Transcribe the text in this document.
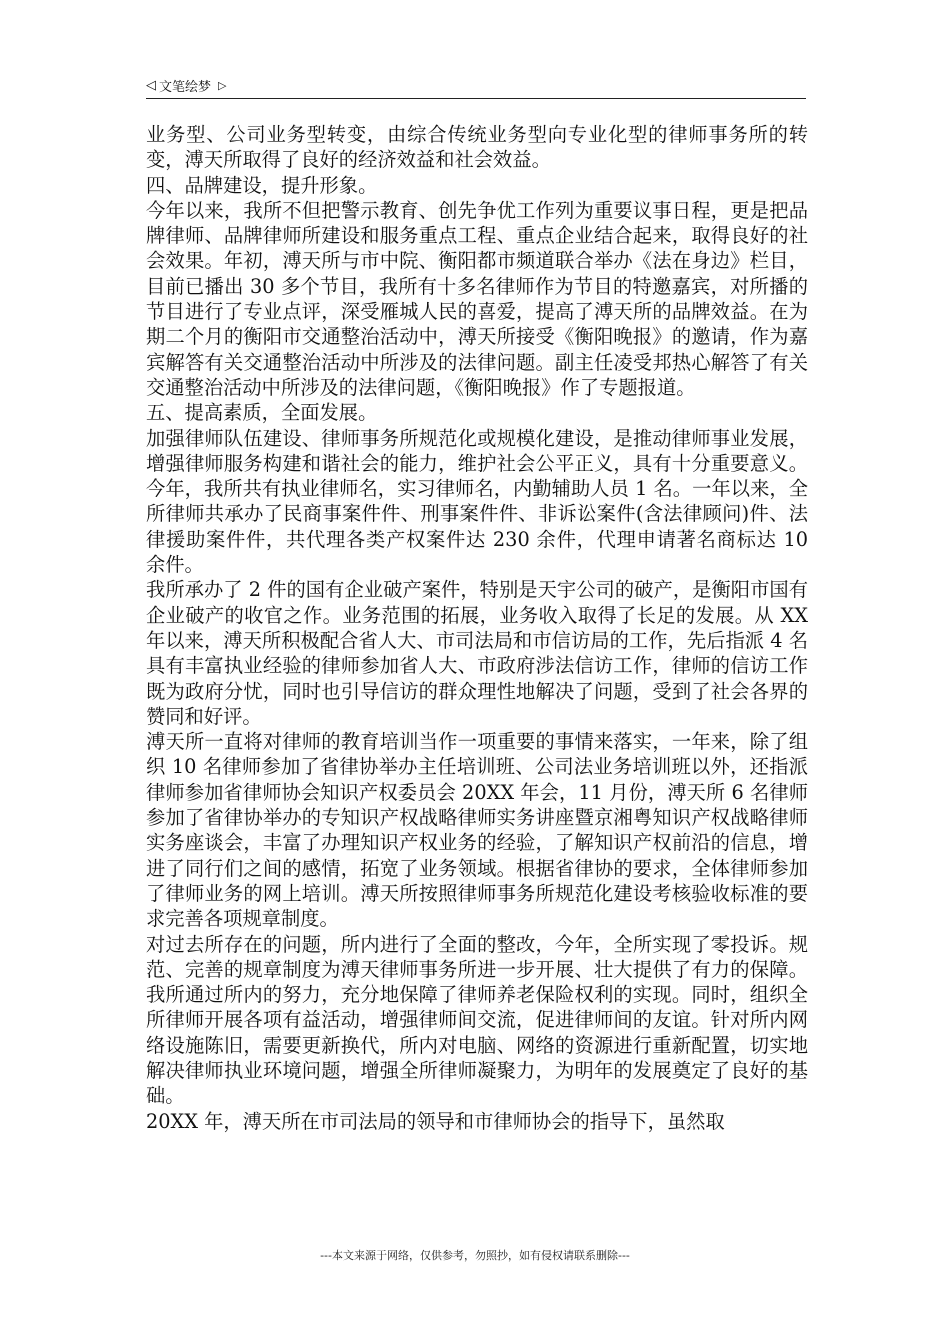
◁ 文笔绘梦 ▷

业务型、公司业务型转变，由综合传统业务型向专业化型的律师事务所的转变，溥天所取得了良好的经济效益和社会效益。

四、品牌建设，提升形象。

今年以来，我所不但把警示教育、创先争优工作列为重要议事日程，更是把品牌律师、品牌律师所建设和服务重点工程、重点企业结合起来，取得良好的社会效果。年初，溥天所与市中院、衡阳都市频道联合举办《法在身边》栏目，目前已播出 30 多个节目，我所有十多名律师作为节目的特邀嘉宾，对所播的节目进行了专业点评，深受雁城人民的喜爱，提高了溥天所的品牌效益。在为期二个月的衡阳市交通整治活动中，溥天所接受《衡阳晚报》的邀请，作为嘉宾解答有关交通整治活动中所涉及的法律问题。副主任凌受邦热心解答了有关交通整治活动中所涉及的法律问题，《衡阳晚报》作了专题报道。

五、提高素质，全面发展。

加强律师队伍建设、律师事务所规范化或规模化建设，是推动律师事业发展，增强律师服务构建和谐社会的能力，维护社会公平正义，具有十分重要意义。今年，我所共有执业律师名，实习律师名，内勤辅助人员 1 名。一年以来，全所律师共承办了民商事案件件、刑事案件件、非诉讼案件(含法律顾问)件、法律援助案件件，共代理各类产权案件达 230 余件，代理申请著名商标达 10 余件。

我所承办了 2 件的国有企业破产案件，特别是天宇公司的破产，是衡阳市国有企业破产的收官之作。业务范围的拓展，业务收入取得了长足的发展。从 XX 年以来，溥天所积极配合省人大、市司法局和市信访局的工作，先后指派 4 名具有丰富执业经验的律师参加省人大、市政府涉法信访工作，律师的信访工作既为政府分忧，同时也引导信访的群众理性地解决了问题，受到了社会各界的赞同和好评。

溥天所一直将对律师的教育培训当作一项重要的事情来落实，一年来，除了组织 10 名律师参加了省律协举办主任培训班、公司法业务培训班以外，还指派律师参加省律师协会知识产权委员会 20XX 年会，11 月份，溥天所 6 名律师参加了省律协举办的专知识产权战略律师实务讲座暨京湘粤知识产权战略律师实务座谈会，丰富了办理知识产权业务的经验，了解知识产权前沿的信息，增进了同行们之间的感情，拓宽了业务领域。根据省律协的要求，全体律师参加了律师业务的网上培训。溥天所按照律师事务所规范化建设考核验收标准的要求完善各项规章制度。

对过去所存在的问题，所内进行了全面的整改，今年，全所实现了零投诉。规范、完善的规章制度为溥天律师事务所进一步开展、壮大提供了有力的保障。我所通过所内的努力，充分地保障了律师养老保险权利的实现。同时，组织全所律师开展各项有益活动，增强律师间交流，促进律师间的友谊。针对所内网络设施陈旧，需要更新换代，所内对电脑、网络的资源进行重新配置，切实地解决律师执业环境问题，增强全所律师凝聚力，为明年的发展奠定了良好的基础。

20XX 年，溥天所在市司法局的领导和市律师协会的指导下，虽然取

---本文来源于网络，仅供参考，勿照抄，如有侵权请联系删除---
